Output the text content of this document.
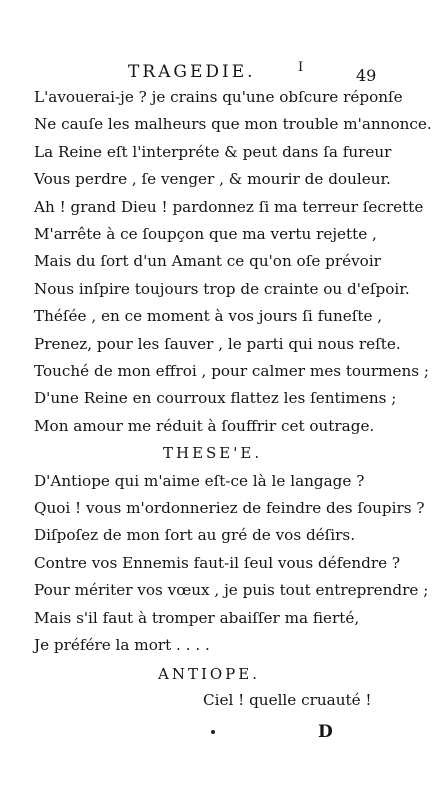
TRAGEDIE.	I	49
L'avouerai-je ? je crains qu'une obſcure réponſe
Ne cauſe les malheurs que mon trouble m'annonce.
La Reine eſt l'interpréte & peut dans ſa fureur
Vous perdre , ſe venger , & mourir de douleur.
Ah ! grand Dieu ! pardonnez ſi ma terreur ſecrette
M'arrête à ce ſoupçon que ma vertu rejette ,
Mais du ſort d'un Amant ce qu'on oſe prévoir
Nous inſpire toujours trop de crainte ou d'eſpoir.
Théſée , en ce moment à vos jours ſi funeſte ,
Prenez, pour les ſauver , le parti qui nous reſte.
Touché de mon effroi , pour calmer mes tourmens ;
D'une Reine en courroux flattez les ſentimens ;
Mon amour me réduit à ſouffrir cet outrage.
THESE'E.
D'Antiope qui m'aime eſt-ce là le langage ?
Quoi ! vous m'ordonneriez de feindre des ſoupirs ?
Diſpoſez de mon ſort au gré de vos déſirs.
Contre vos Ennemis faut-il ſeul vous défendre ?
Pour mériter vos vœux , je puis tout entreprendre ;
Mais s'il faut à tromper abaiſſer ma fierté,
Je préfére la mort . . . .
ANTIOPE.
Ciel ! quelle cruauté !
D
